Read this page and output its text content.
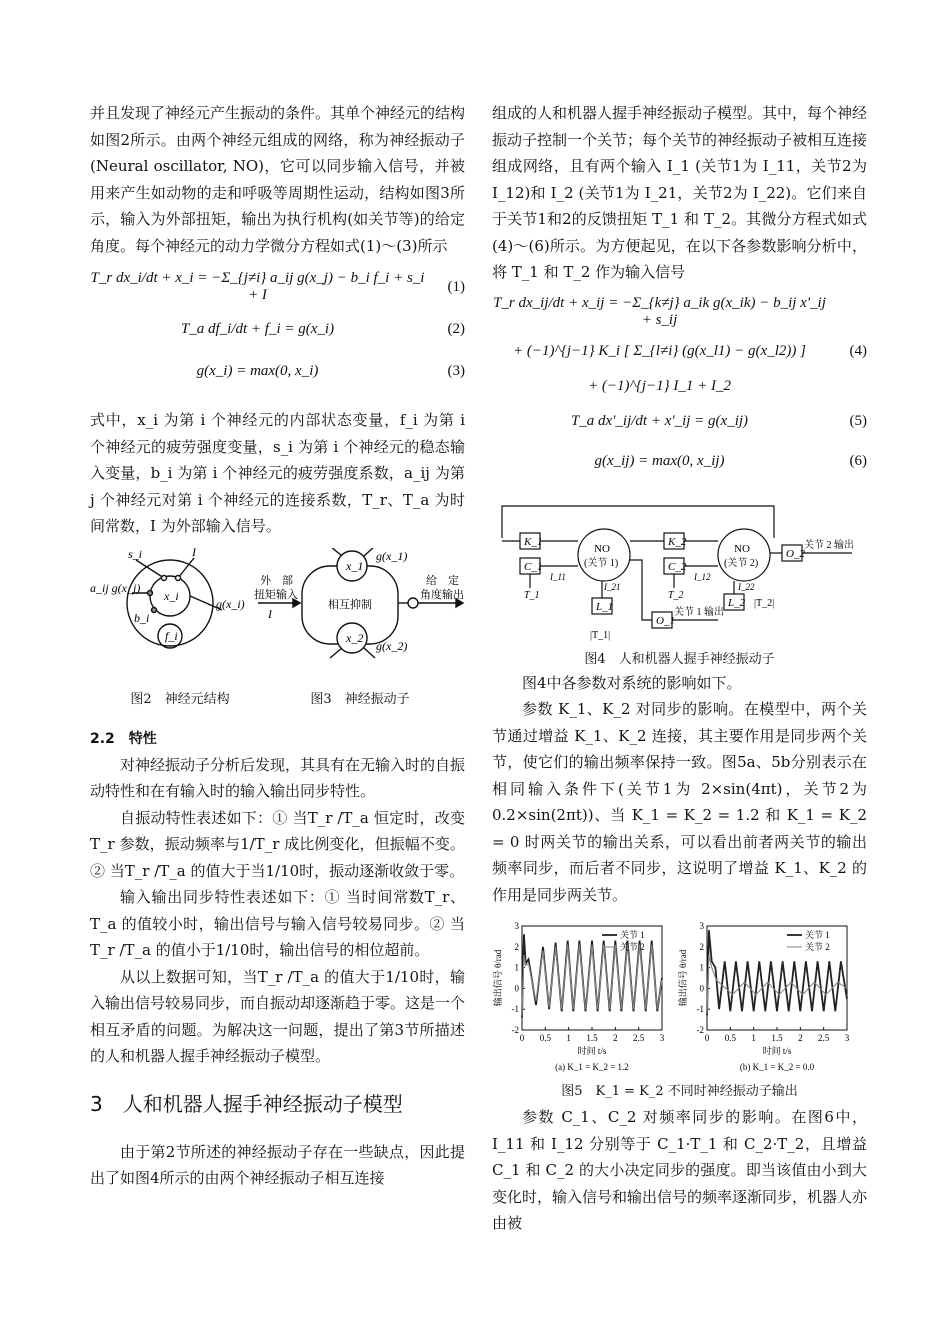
并且发现了神经元产生振动的条件。其单个神经元的结构如图2所示。由两个神经元组成的网络，称为神经振动子(Neural oscillator, NO)，它可以同步输入信号，并被用来产生如动物的走和呼吸等周期性运动，结构如图3所示，输入为外部扭矩，输出为执行机构(如关节等)的给定角度。每个神经元的动力学微分方程如式(1)～(3)所示

T_r dx_i/dt + x_i = −Σ_{j≠i} a_ij g(x_j) − b_i f_i + s_i + I
(1)
T_a df_i/dt + f_i = g(x_i)	(2)
g(x_i) = max(0, x_i)	(3)

式中，x_i 为第 i 个神经元的内部状态变量，f_i 为第 i 个神经元的疲劳强度变量，s_i 为第 i 个神经元的稳态输入变量，b_i 为第 i 个神经元的疲劳强度系数，a_ij 为第 j 个神经元对第 i 个神经元的连接系数，T_r、T_a 为时间常数，I 为外部输入信号。

s_i	I
a_ij g(x_j)
x_i
b_i
f_i
g(x_i)
外　部
扭矩输入
I
x_1
x_2
相互抑制
g(x_1)
g(x_2)
给　定
角度输出
图2　神经元结构	图3　神经振动子
2.2　特性

对神经振动子分析后发现，其具有在无输入时的自振动特性和在有输入时的输入输出同步特性。

自振动特性表述如下：① 当T_r /T_a 恒定时，改变T_r 参数，振动频率与1/T_r 成比例变化，但振幅不变。② 当T_r /T_a 的值大于当1/10时，振动逐渐收敛于零。

输入输出同步特性表述如下：① 当时间常数T_r、T_a 的值较小时，输出信号与输入信号较易同步。② 当T_r /T_a 的值小于1/10时，输出信号的相位超前。

从以上数据可知，当T_r /T_a 的值大于1/10时，输入输出信号较易同步，而自振动却逐渐趋于零。这是一个相互矛盾的问题。为解决这一问题，提出了第3节所描述的人和机器人握手神经振动子模型。

3　人和机器人握手神经振动子模型

由于第2节所述的神经振动子存在一些缺点，因此提出了如图4所示的由两个神经振动子相互连接

组成的人和机器人握手神经振动子模型。其中，每个神经振动子控制一个关节；每个关节的神经振动子被相互连接组成网络，且有两个输入 I_1 (关节1为 I_11，关节2为 I_12)和 I_2 (关节1为 I_21，关节2为 I_22)。它们来自于关节1和2的反馈扭矩 T_1 和 T_2。其微分方程式如式(4)～(6)所示。为方便起见，在以下各参数影响分析中，将 T_1 和 T_2 作为输入信号

T_r dx_ij/dt + x_ij = −Σ_{k≠j} a_ik g(x_ik) − b_ij x'_ij + s_ij
+ (−1)^{j−1} K_i [ Σ_{l≠i} (g(x_l1) − g(x_l2)) ]	(4)
+ (−1)^{j−1} I_1 + I_2
T_a dx'_ij/dt + x'_ij = g(x_ij)	(5)
g(x_ij) = max(0, x_ij)	(6)
K_1	K_2
NO
(关节 1)
NO
(关节 2)
O_2
关节 2 输出
C_1
T_1
I_11
I_21
L_1
|T_1|
C_2
T_2
I_12
I_22
L_2 |T_2|
O_1
关节 1 输出
图4　人和机器人握手神经振动子

图4中各参数对系统的影响如下。

参数 K_1、K_2 对同步的影响。在模型中，两个关节通过增益 K_1、K_2 连接，其主要作用是同步两个关节，使它们的输出频率保持一致。图5a、5b分别表示在相同输入条件下(关节1为 2×sin(4πt)，关节2为 0.2×sin(2πt))、当 K_1 = K_2 = 1.2 和 K_1 = K_2 = 0 时两关节的输出关系，可以看出前者两关节的输出频率同步，而后者不同步，这说明了增益 K_1、K_2 的作用是同步两关节。

0 0.5 1 1.5 2 2.5 3
-2
-1
0
1
2
3
关节 1
关节 2
时间 t/s
输出信号 θ/rad
(a) K_1 = K_2 = 1.2
0 0.5 1 1.5 2 2.5 3
-2
-1
0
1
2
3
关节 1
关节 2
时间 t/s
输出信号 θ/rad
(b) K_1 = K_2 = 0.0
图5　K_1 = K_2 不同时神经振动子输出

参数 C_1、C_2 对频率同步的影响。在图6中，I_11 和 I_12 分别等于 C_1·T_1 和 C_2·T_2，且增益 C_1 和 C_2 的大小决定同步的强度。即当该值由小到大变化时，输入信号和输出信号的频率逐渐同步，机器人亦由被
